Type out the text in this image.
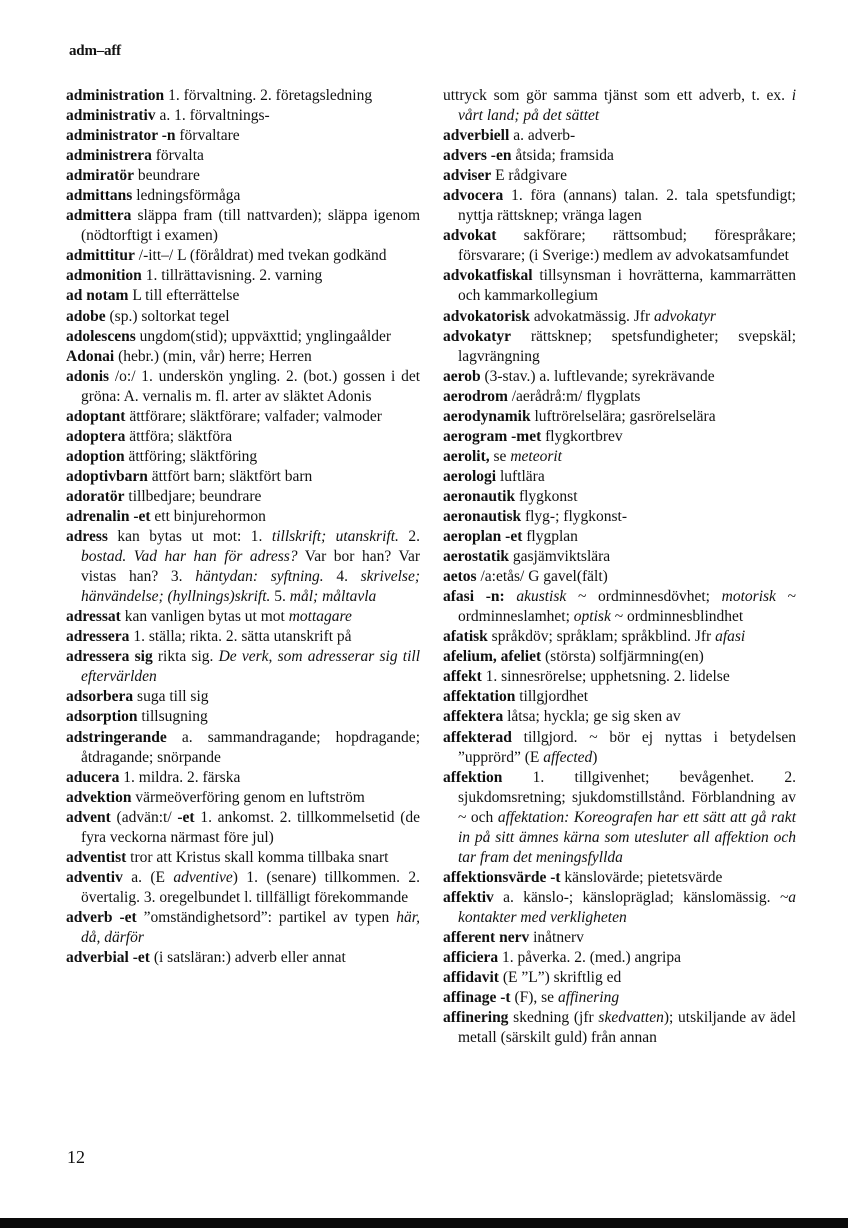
adm–aff

administration 1. förvaltning. 2. företagsledning

administrativ a. 1. förvaltnings-

administrator -n förvaltare

administrera förvalta

admiratör beundrare

admittans ledningsförmåga

admittera släppa fram (till nattvarden); släppa igenom (nödtorftigt i examen)

admittitur /-itt–/ L (föråldrat) med tvekan godkänd

admonition 1. tillrättavisning. 2. varning

ad notam L till efterrättelse

adobe (sp.) soltorkat tegel

adolescens ungdom(stid); uppväxttid; ynglingaålder

Adonai (hebr.) (min, vår) herre; Herren

adonis /o:/ 1. underskön yngling. 2. (bot.) gossen i det gröna: A. vernalis m. fl. arter av släktet Adonis

adoptant ättförare; släktförare; valfader; valmoder

adoptera ättföra; släktföra

adoption ättföring; släktföring

adoptivbarn ättfört barn; släktfört barn

adoratör tillbedjare; beundrare

adrenalin -et ett binjurehormon

adress kan bytas ut mot: 1. tillskrift; utanskrift. 2. bostad. Vad har han för adress? Var bor han? Var vistas han? 3. häntydan: syftning. 4. skrivelse; hänvändelse; (hyllnings)skrift. 5. mål; måltavla

adressat kan vanligen bytas ut mot mottagare

adressera 1. ställa; rikta. 2. sätta utanskrift på

adressera sig rikta sig. De verk, som adresserar sig till eftervärlden

adsorbera suga till sig

adsorption tillsugning

adstringerande a. sammandragande; hopdragande; åtdragande; snörpande

aducera 1. mildra. 2. färska

advektion värmeöverföring genom en luftström

advent (advän:t/ -et 1. ankomst. 2. tillkommelsetid (de fyra veckorna närmast före jul)

adventist tror att Kristus skall komma tillbaka snart

adventiv a. (E adventive) 1. (senare) tillkommen. 2. övertalig. 3. oregelbundet l. tillfälligt förekommande

adverb -et ”omständighetsord”: partikel av typen här, då, därför

adverbial -et (i satsläran:) adverb eller annat

uttryck som gör samma tjänst som ett adverb, t. ex. i vårt land; på det sättet

adverbiell a. adverb-

advers -en åtsida; framsida

adviser E rådgivare

advocera 1. föra (annans) talan. 2. tala spetsfundigt; nyttja rättsknep; vränga lagen

advokat sakförare; rättsombud; förespråkare; försvarare; (i Sverige:) medlem av advokatsamfundet

advokatfiskal tillsynsman i hovrätterna, kammarrätten och kammarkollegium

advokatorisk advokatmässig. Jfr advokatyr

advokatyr rättsknep; spetsfundigheter; svepskäl; lagvrängning

aerob (3-stav.) a. luftlevande; syrekrävande

aerodrom /aerådrå:m/ flygplats

aerodynamik luftrörelselära; gasrörelselära

aerogram -met flygkortbrev

aerolit, se meteorit

aerologi luftlära

aeronautik flygkonst

aeronautisk flyg-; flygkonst-

aeroplan -et flygplan

aerostatik gasjämviktslära

aetos /a:etås/ G gavel(fält)

afasi -n: akustisk ~ ordminnesdövhet; motorisk ~ ordminneslamhet; optisk ~ ordminnesblindhet

afatisk språkdöv; språklam; språkblind. Jfr afasi

afelium, afeliet (största) solfjärmning(en)

affekt 1. sinnesrörelse; upphetsning. 2. lidelse

affektation tillgjordhet

affektera låtsa; hyckla; ge sig sken av

affekterad tillgjord. ~ bör ej nyttas i betydelsen ”upprörd” (E affected)

affektion 1. tillgivenhet; bevågenhet. 2. sjukdomsretning; sjukdomstillstånd. Förblandning av ~ och affektation: Koreografen har ett sätt att gå rakt in på sitt ämnes kärna som utesluter all affektion och tar fram det meningsfyllda

affektionsvärde -t känslovärde; pietetsvärde

affektiv a. känslo-; känslopräglad; känslomässig. ~a kontakter med verkligheten

afferent nerv inåtnerv

afficiera 1. påverka. 2. (med.) angripa

affidavit (E ”L”) skriftlig ed

affinage -t (F), se affinering

affinering skedning (jfr skedvatten); utskiljande av ädel metall (särskilt guld) från annan

12
